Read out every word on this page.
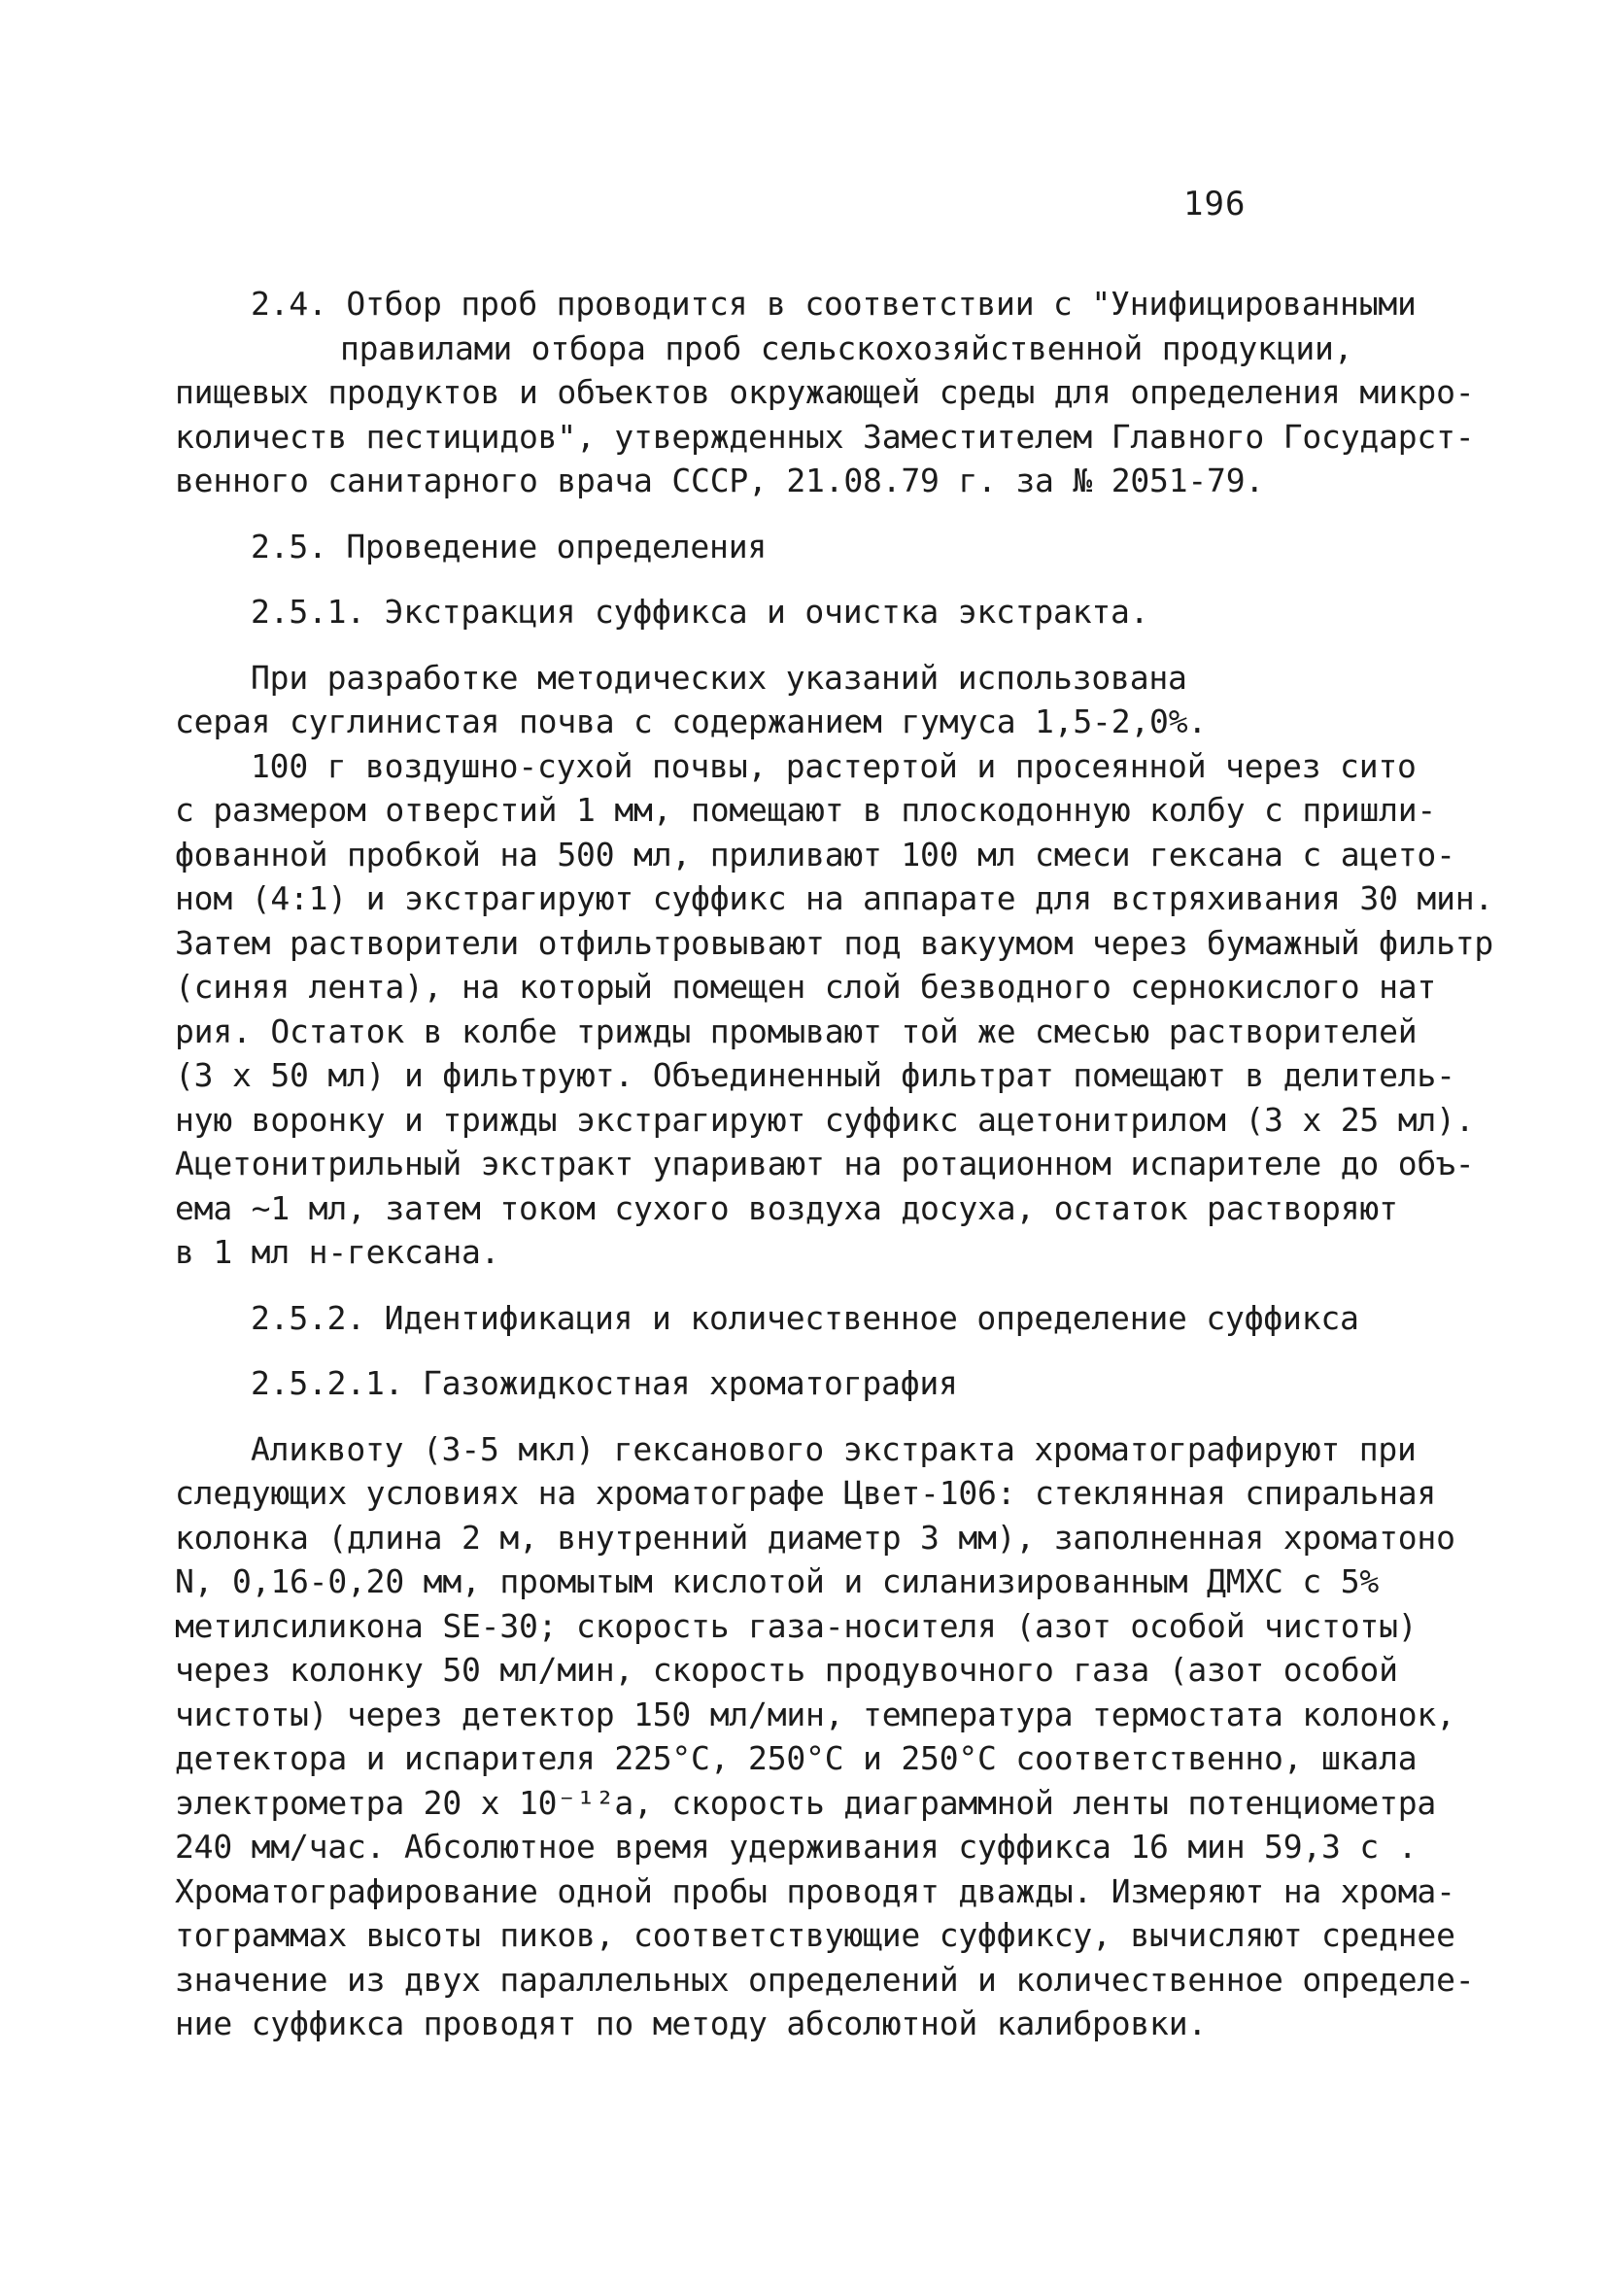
196
2.4. Отбор проб проводится в соответствии с "Унифицированными
правилами отбора проб сельскохозяйственной продукции,
пищевых продуктов и объектов окружающей среды для определения микро-
количеств пестицидов", утвержденных Заместителем Главного Государст-
венного санитарного врача СССР, 21.08.79 г. за № 2051-79.
2.5. Проведение определения
2.5.1. Экстракция суффикса и очистка экстракта.
При разработке методических указаний использована
серая суглинистая почва с содержанием гумуса 1,5-2,0%.
100 г воздушно-сухой почвы, растертой и просеянной через сито
с размером отверстий 1 мм, помещают в плоскодонную колбу с пришли-
фованной пробкой на 500 мл, приливают 100 мл смеси гексана с ацето-
ном (4:1) и экстрагируют суффикс на аппарате для встряхивания 30 мин.
Затем растворители отфильтровывают под вакуумом через бумажный фильтр
(синяя лента), на который помещен слой безводного сернокислого нат
рия. Остаток в колбе трижды промывают той же смесью растворителей
(3 х 50 мл) и фильтруют. Объединенный фильтрат помещают в делитель-
ную воронку и трижды экстрагируют суффикс ацетонитрилом (3 х 25 мл).
Ацетонитрильный экстракт упаривают на ротационном испарителе до объ-
ема ~1 мл, затем током сухого воздуха досуха, остаток растворяют
в 1 мл н-гексана.
2.5.2. Идентификация и количественное определение суффикса
2.5.2.1. Газожидкостная хроматография
Аликвоту (3-5 мкл) гексанового экстракта хроматографируют при
следующих условиях на хроматографе Цвет-106: стеклянная спиральная
колонка (длина 2 м, внутренний диаметр 3 мм), заполненная хроматоно
N, 0,16-0,20 мм, промытым кислотой и силанизированным ДМХС с 5%
метилсиликона SE-30; скорость газа-носителя (азот особой чистоты)
через колонку 50 мл/мин, скорость продувочного газа (азот особой
чистоты) через детектор 150 мл/мин, температура термостата колонок,
детектора и испарителя 225°С, 250°С и 250°С соответственно, шкала
электрометра 20 х 10⁻¹²а, скорость диаграммной ленты потенциометра
240 мм/час. Абсолютное время удерживания суффикса 16 мин 59,3 с .
Хроматографирование одной пробы проводят дважды. Измеряют на хрома-
тограммах высоты пиков, соответствующие суффиксу, вычисляют среднее
значение из двух параллельных определений и количественное определе-
ние суффикса проводят по методу абсолютной калибровки.
